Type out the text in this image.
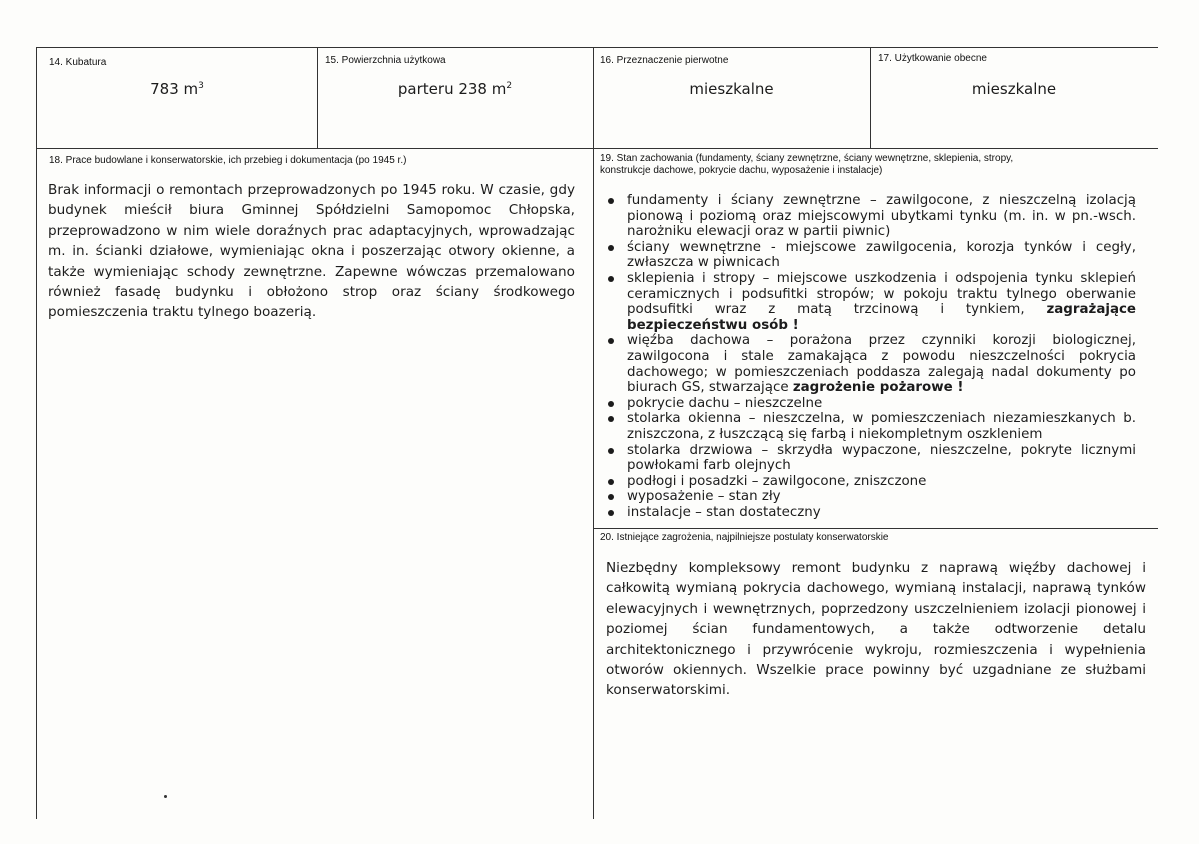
14. Kubatura
783 $m^3$
15. Powierzchnia użytkowa
parteru 238 $m^2$
16. Przeznaczenie pierwotne
mieszkalne
17. Użytkowanie obecne
mieszkalne
18. Prace budowlane i konserwatorskie, ich przebieg i dokumentacja (po 1945 r.)
Brak informacji o remontach przeprowadzonych po 1945 roku. W czasie, gdy budynek mieścił biura Gminnej Spółdzielni Samopomoc Chłopska, przeprowadzono w nim wiele doraźnych prac adaptacyjnych, wprowadzając m. in. ścianki działowe, wymieniając okna i poszerzając otwory okienne, a także wymieniając schody zewnętrzne. Zapewne wówczas przemalowano również fasadę budynku i obłożono strop oraz ściany środkowego pomieszczenia traktu tylnego boazerią.
19. Stan zachowania (fundamenty, ściany zewnętrzne, ściany wewnętrzne, sklepienia, stropy,
konstrukcje dachowe, pokrycie dachu, wyposażenie i instalacje)
fundamenty i ściany zewnętrzne – zawilgocone, z nieszczelną izolacją pionową i poziomą oraz miejscowymi ubytkami tynku (m. in. w pn.-wsch. narożniku elewacji oraz w partii piwnic)
ściany wewnętrzne - miejscowe zawilgocenia, korozja tynków i cegły, zwłaszcza w piwnicach
sklepienia i stropy – miejscowe uszkodzenia i odspojenia tynku sklepień ceramicznych i podsufitki stropów; w pokoju traktu tylnego oberwanie podsufitki wraz z matą trzcinową i tynkiem, zagrażające bezpieczeństwu osób !
więźba dachowa – porażona przez czynniki korozji biologicznej, zawilgocona i stale zamakająca z powodu nieszczelności pokrycia dachowego; w pomieszczeniach poddasza zalegają nadal dokumenty po biurach GS, stwarzające zagrożenie pożarowe !
pokrycie dachu – nieszczelne
stolarka okienna – nieszczelna, w pomieszczeniach niezamieszkanych b. zniszczona, z łuszczącą się farbą i niekompletnym oszkleniem
stolarka drzwiowa – skrzydła wypaczone, nieszczelne, pokryte licznymi powłokami farb olejnych
podłogi i posadzki – zawilgocone, zniszczone
wyposażenie – stan zły
instalacje – stan dostateczny
20. Istniejące zagrożenia, najpilniejsze postulaty konserwatorskie
Niezbędny kompleksowy remont budynku z naprawą więźby dachowej i całkowitą wymianą pokrycia dachowego, wymianą instalacji, naprawą tynków elewacyjnych i wewnętrznych, poprzedzony uszczelnieniem izolacji pionowej i poziomej ścian fundamentowych, a także odtworzenie detalu architektonicznego i przywrócenie wykroju, rozmieszczenia i wypełnienia otworów okiennych. Wszelkie prace powinny być uzgadniane ze służbami konserwatorskimi.
